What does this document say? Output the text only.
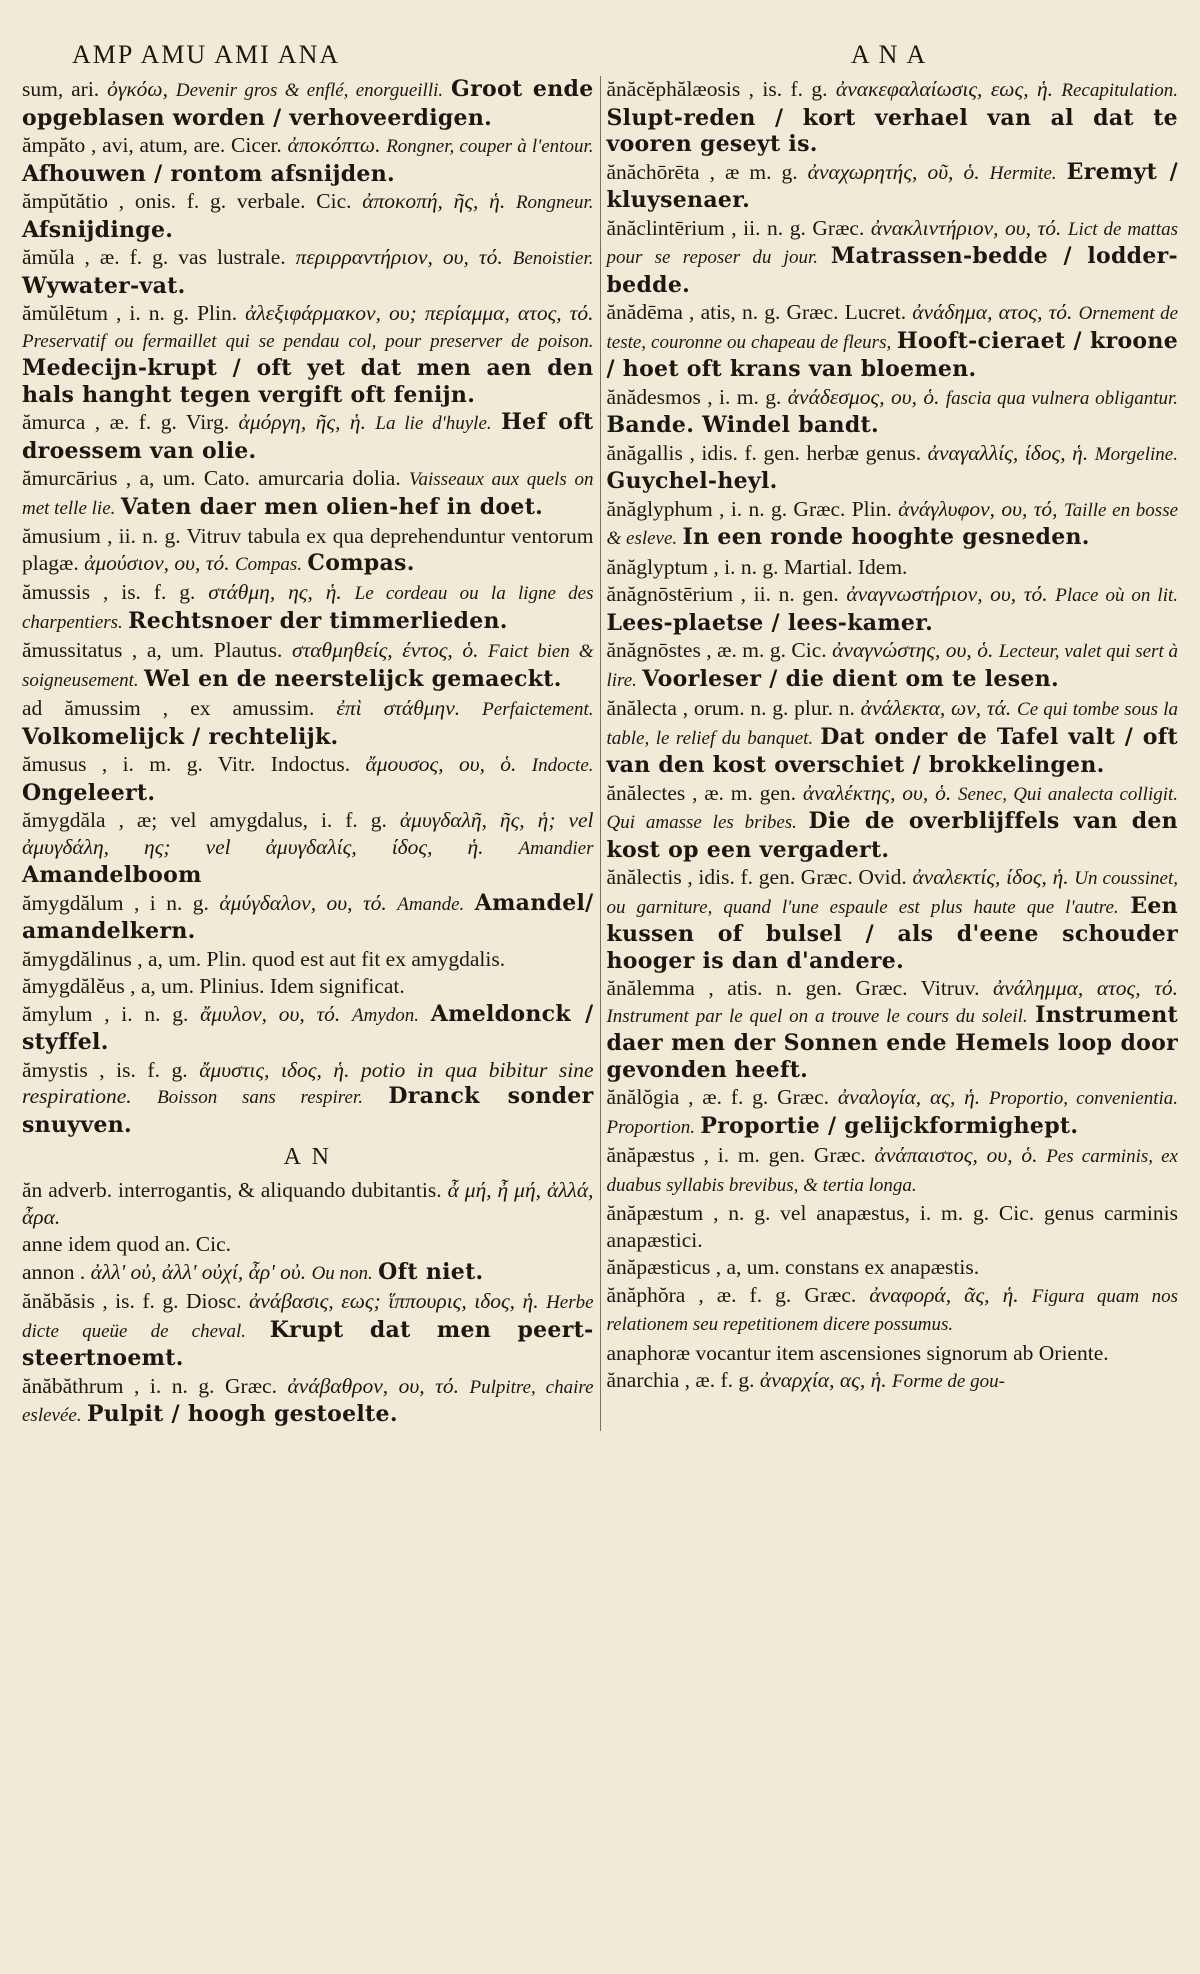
AMP AMU AMI ANA	A N A

sum, ari. ὀγκόω, Devenir gros & enflé, enorgueilli. Groot ende opgeblasen worden / verhoveerdigen.

ămpăto , avi, atum, are. Cicer. ἀποκόπτω. Rongner, couper à l'entour. Afhouwen / rontom afsnijden.

ămpŭtătio , onis. f. g. verbale. Cic. ἀποκοπή, ῆς, ἡ. Rongneur. Afsnijdinge.

ămŭla , æ. f. g. vas lustrale. περιρραντήριον, ου, τό. Benoistier. Wywater-vat.

ămŭlētum , i. n. g. Plin. ἀλεξιφάρμακον, ου; περίαμμα, ατος, τό. Preservatif ou fermaillet qui se pendau col, pour preserver de poison. Medecijn-krupt / oft yet dat men aen den hals hanght tegen vergift oft fenijn.

ămurca , æ. f. g. Virg. ἀμόργη, ῆς, ἡ. La lie d'huyle. Hef oft droessem van olie.

ămurcārius , a, um. Cato. amurcaria dolia. Vaisseaux aux quels on met telle lie. Vaten daer men olien-hef in doet.

ămusium , ii. n. g. Vitruv tabula ex qua deprehenduntur ventorum plagæ. ἀμούσιον, ου, τό. Compas. Compas.

ămussis , is. f. g. στάθμη, ης, ἡ. Le cordeau ou la ligne des charpentiers. Rechtsnoer der timmerlieden.

ămussitatus , a, um. Plautus. σταθμηθείς, έντος, ὁ. Faict bien & soigneusement. Wel en de neerstelijck gemaeckt.

ad ămussim , ex amussim. ἐπὶ στάθμην. Perfaictement. Volkomelijck / rechtelijk.

ămusus , i. m. g. Vitr. Indoctus. ἄμουσος, ου, ὁ. Indocte. Ongeleert.

ămygdăla , æ; vel amygdalus, i. f. g. ἀμυγδαλῆ, ῆς, ἡ; vel ἀμυγδάλη, ης; vel ἀμυγδαλίς, ίδος, ἡ. Amandier Amandelboom

ămygdălum , i n. g. ἀμύγδαλον, ου, τό. Amande. Amandel/ amandelkern.

ămygdălinus , a, um. Plin. quod est aut fit ex amygdalis.

ămygdălĕus , a, um. Plinius. Idem significat.

ămylum , i. n. g. ἄμυλον, ου, τό. Amydon. Ameldonck / styffel.

ămystis , is. f. g. ἄμυστις, ιδος, ἡ. potio in qua bibitur sine respiratione. Boisson sans respirer. Dranck sonder snuyven.

A N

ăn adverb. interrogantis, & aliquando dubitantis. ἆ μή, ἦ μή, ἀλλά, ἆρα.

anne idem quod an. Cic.

annon . ἀλλ' οὐ, ἀλλ' οὐχί, ἆρ' οὐ. Ou non. Oft niet.

ănăbăsis , is. f. g. Diosc. ἀνάβασις, εως; ἵππουρις, ιδος, ἡ. Herbe dicte queüe de cheval. Krupt dat men peert-steertnoemt.

ănăbăthrum , i. n. g. Græc. ἀνάβαθρον, ου, τό. Pulpitre, chaire eslevée. Pulpit / hoogh gestoelte.

ănăcĕphălæosis , is. f. g. ἀνακεφαλαίωσις, εως, ἡ. Recapitulation. Slupt-reden / kort verhael van al dat te vooren geseyt is.

ănăchōrēta , æ m. g. ἀναχωρητής, οῦ, ὁ. Hermite. Eremyt / kluysenaer.

ănăclintērium , ii. n. g. Græc. ἀνακλιντήριον, ου, τό. Lict de mattas pour se reposer du jour. Matrassen-bedde / lodder-bedde.

ănădēma , atis, n. g. Græc. Lucret. ἀνάδημα, ατος, τό. Ornement de teste, couronne ou chapeau de fleurs, Hooft-cieraet / kroone / hoet oft krans van bloemen.

ănădesmos , i. m. g. ἀνάδεσμος, ου, ὁ. fascia qua vulnera obligantur. Bande. Windel bandt.

ănăgallis , idis. f. gen. herbæ genus. ἀναγαλλίς, ίδος, ἡ. Morgeline. Guychel-heyl.

ănăglyphum , i. n. g. Græc. Plin. ἀνάγλυφον, ου, τό, Taille en bosse & esleve. In een ronde hooghte gesneden.

ănăglyptum , i. n. g. Martial. Idem.

ănăgnōstērium , ii. n. gen. ἀναγνωστήριον, ου, τό. Place où on lit. Lees-plaetse / lees-kamer.

ănăgnōstes , æ. m. g. Cic. ἀναγνώστης, ου, ὁ. Lecteur, valet qui sert à lire. Voorleser / die dient om te lesen.

ănălecta , orum. n. g. plur. n. ἀνάλεκτα, ων, τά. Ce qui tombe sous la table, le relief du banquet. Dat onder de Tafel valt / oft van den kost overschiet / brokkelingen.

ănălectes , æ. m. gen. ἀναλέκτης, ου, ὁ. Senec, Qui analecta colligit. Qui amasse les bribes. Die de overblijffels van den kost op een vergadert.

ănălectis , idis. f. gen. Græc. Ovid. ἀναλεκτίς, ίδος, ἡ. Un coussinet, ou garniture, quand l'une espaule est plus haute que l'autre. Een kussen of bulsel / als d'eene schouder hooger is dan d'andere.

ănălemma , atis. n. gen. Græc. Vitruv. ἀνάλημμα, ατος, τό. Instrument par le quel on a trouve le cours du soleil. Instrument daer men der Sonnen ende Hemels loop door gevonden heeft.

ănălŏgia , æ. f. g. Græc. ἀναλογία, ας, ἡ. Proportio, convenientia. Proportion. Proportie / gelijckformighept.

ănăpæstus , i. m. gen. Græc. ἀνάπαιστος, ου, ὁ. Pes carminis, ex duabus syllabis brevibus, & tertia longa.

ănăpæstum , n. g. vel anapæstus, i. m. g. Cic. genus carminis anapæstici.

ănăpæsticus , a, um. constans ex anapæstis.

ănăphŏra , æ. f. g. Græc. ἀναφορά, ᾶς, ἡ. Figura quam nos relationem seu repetitionem dicere possumus.

anaphoræ vocantur item ascensiones signorum ab Oriente.

ănarchia , æ. f. g. ἀναρχία, ας, ἡ. Forme de gou-
